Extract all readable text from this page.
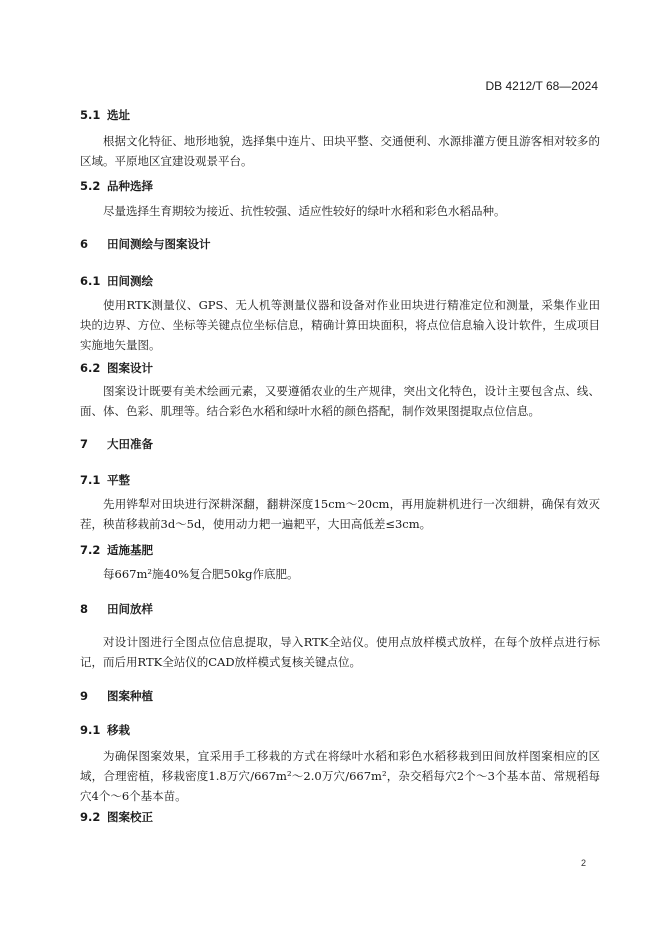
DB 4212/T 68—2024
5.1 选址
根据文化特征、地形地貌，选择集中连片、田块平整、交通便利、水源排灌方便且游客相对较多的区域。平原地区宜建设观景平台。
5.2 品种选择
尽量选择生育期较为接近、抗性较强、适应性较好的绿叶水稻和彩色水稻品种。
6 田间测绘与图案设计
6.1 田间测绘
使用RTK测量仪、GPS、无人机等测量仪器和设备对作业田块进行精准定位和测量，采集作业田块的边界、方位、坐标等关键点位坐标信息，精确计算田块面积，将点位信息输入设计软件，生成项目实施地矢量图。
6.2 图案设计
图案设计既要有美术绘画元素，又要遵循农业的生产规律，突出文化特色，设计主要包含点、线、面、体、色彩、肌理等。结合彩色水稻和绿叶水稻的颜色搭配，制作效果图提取点位信息。
7 大田准备
7.1 平整
先用铧犁对田块进行深耕深翻，翻耕深度15cm～20cm，再用旋耕机进行一次细耕，确保有效灭茬，秧苗移栽前3d～5d，使用动力耙一遍耙平，大田高低差≤3cm。
7.2 适施基肥
每667m²施40%复合肥50kg作底肥。
8 田间放样
对设计图进行全图点位信息提取，导入RTK全站仪。使用点放样模式放样，在每个放样点进行标记，而后用RTK全站仪的CAD放样模式复核关键点位。
9 图案种植
9.1 移栽
为确保图案效果，宜采用手工移栽的方式在将绿叶水稻和彩色水稻移栽到田间放样图案相应的区域，合理密植，移栽密度1.8万穴/667m²～2.0万穴/667m²，杂交稻每穴2个～3个基本苗、常规稻每穴4个～6个基本苗。
9.2 图案校正
2
